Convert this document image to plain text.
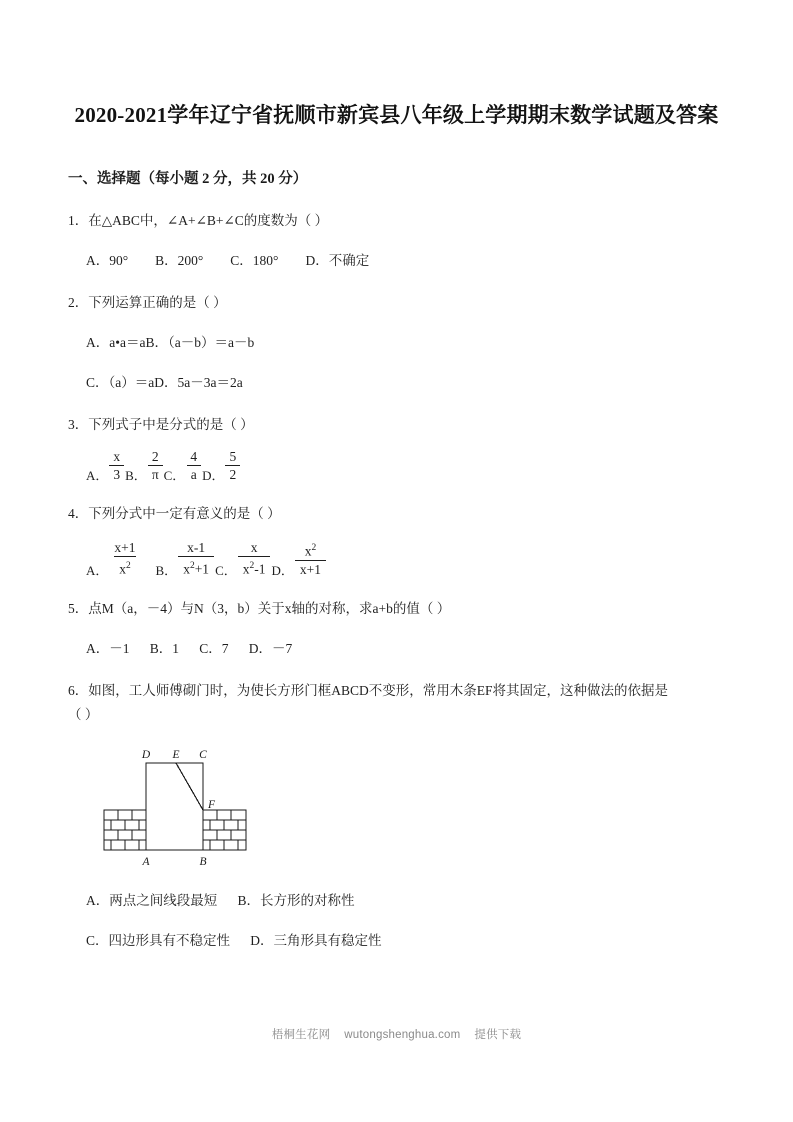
2020-2021学年辽宁省抚顺市新宾县八年级上学期期末数学试题及答案
一、选择题（每小题 2 分，共 20 分）

1．在△ABC中，∠A+∠B+∠C的度数为（ ）

A．90°        B．200°        C．180°        D．不确定

2．下列运算正确的是（ ）

A．a•a＝aB．（a－b）＝a－b

C．（a）＝aD．5a－3a＝2a

3．下列式子中是分式的是（ ）

A． $\frac{x}{3}$ B． $\frac{2}{\pi}$ C． $\frac{4}{a}$ D． $\frac{5}{2}$

4．下列分式中一定有意义的是（ ）

A． $\frac{x+1}{x^2}$ B． $\frac{x-1}{x^2+1}$ C． $\frac{x}{x^2-1}$ D． $\frac{x^2}{x+1}$

5．点M（a，－4）与N（3，b）关于x轴的对称，求a+b的值（ ）

A．－1      B．1      C．7      D．－7

6．如图，工人师傅砌门时，为使长方形门框ABCD不变形，常用木条EF将其固定，这种做法的依据是

（ ）

D E C
F
A	B

A．两点之间线段最短      B．长方形的对称性

C．四边形具有不稳定性      D．三角形具有稳定性

梧桐生花网 wutongshenghua.com 提供下载
